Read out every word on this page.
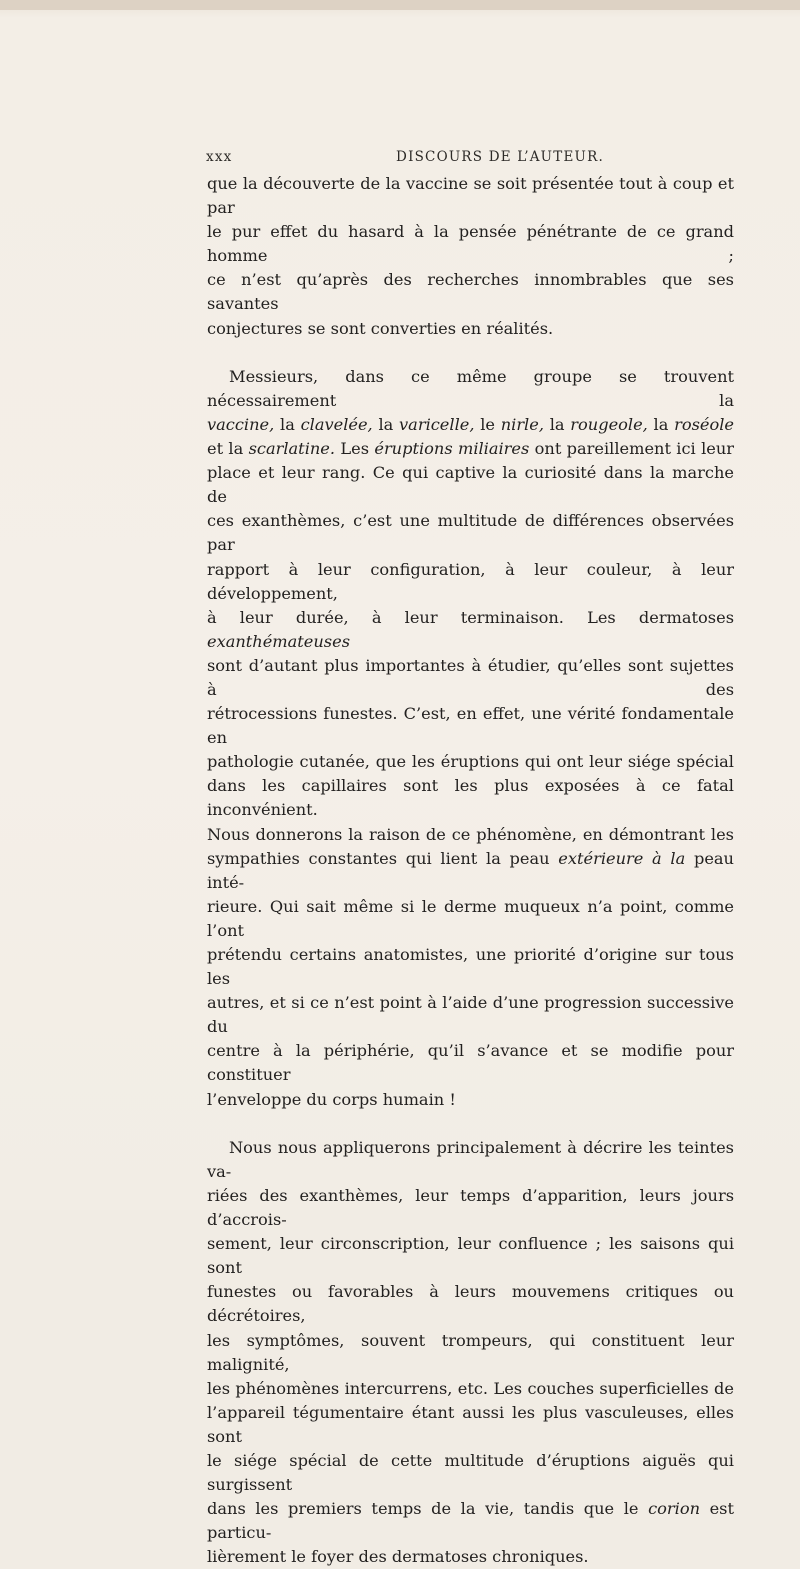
xxx	DISCOURS DE L’AUTEUR.

que la découverte de la vaccine se soit présentée tout à coup et par

le pur effet du hasard à la pensée pénétrante de ce grand homme ;

ce n’est qu’après des recherches innombrables que ses savantes

conjectures se sont converties en réalités.

Messieurs, dans ce même groupe se trouvent nécessairement la

vaccine, la clavelée, la varicelle, le nirle, la rougeole, la roséole

et la scarlatine. Les éruptions miliaires ont pareillement ici leur

place et leur rang. Ce qui captive la curiosité dans la marche de

ces exanthèmes, c’est une multitude de différences observées par

rapport à leur configuration, à leur couleur, à leur développement,

à leur durée, à leur terminaison. Les dermatoses exanthémateuses

sont d’autant plus importantes à étudier, qu’elles sont sujettes à des

rétrocessions funestes. C’est, en effet, une vérité fondamentale en

pathologie cutanée, que les éruptions qui ont leur siége spécial

dans les capillaires sont les plus exposées à ce fatal inconvénient.

Nous donnerons la raison de ce phénomène, en démontrant les

sympathies constantes qui lient la peau extérieure à la peau inté-

rieure. Qui sait même si le derme muqueux n’a point, comme l’ont

prétendu certains anatomistes, une priorité d’origine sur tous les

autres, et si ce n’est point à l’aide d’une progression successive du

centre à la périphérie, qu’il s’avance et se modifie pour constituer

l’enveloppe du corps humain !

Nous nous appliquerons principalement à décrire les teintes va-

riées des exanthèmes, leur temps d’apparition, leurs jours d’accrois-

sement, leur circonscription, leur confluence ; les saisons qui sont

funestes ou favorables à leurs mouvemens critiques ou décrétoires,

les symptômes, souvent trompeurs, qui constituent leur malignité,

les phénomènes intercurrens, etc. Les couches superficielles de

l’appareil tégumentaire étant aussi les plus vasculeuses, elles sont

le siége spécial de cette multitude d’éruptions aiguës qui surgissent

dans les premiers temps de la vie, tandis que le corion est particu-

lièrement le foyer des dermatoses chroniques.
